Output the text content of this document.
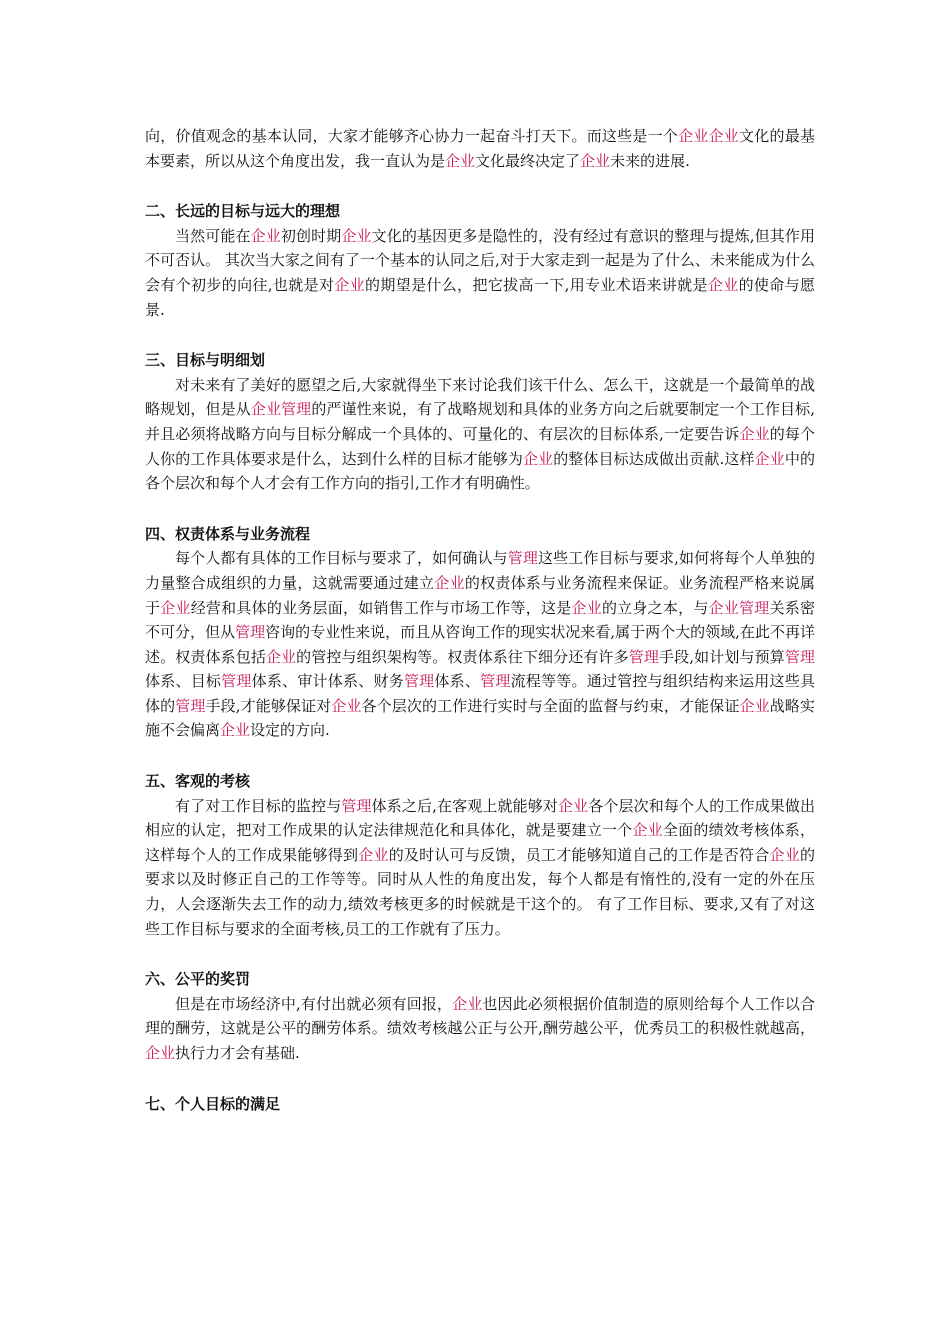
向，价值观念的基本认同，大家才能够齐心协力一起奋斗打天下。而这些是一个企业企业文化的最基本要素，所以从这个角度出发，我一直认为是企业文化最终决定了企业未来的进展.

二、长远的目标与远大的理想

当然可能在企业初创时期企业文化的基因更多是隐性的，没有经过有意识的整理与提炼,但其作用不可否认。 其次当大家之间有了一个基本的认同之后,对于大家走到一起是为了什么、未来能成为什么会有个初步的向往,也就是对企业的期望是什么，把它拔高一下,用专业术语来讲就是企业的使命与愿景.

三、目标与明细划

对未来有了美好的愿望之后,大家就得坐下来讨论我们该干什么、怎么干，这就是一个最简单的战略规划，但是从企业管理的严谨性来说，有了战略规划和具体的业务方向之后就要制定一个工作目标,并且必须将战略方向与目标分解成一个具体的、可量化的、有层次的目标体系,一定要告诉企业的每个人你的工作具体要求是什么，达到什么样的目标才能够为企业的整体目标达成做出贡献.这样企业中的各个层次和每个人才会有工作方向的指引,工作才有明确性。

四、权责体系与业务流程

每个人都有具体的工作目标与要求了，如何确认与管理这些工作目标与要求,如何将每个人单独的力量整合成组织的力量，这就需要通过建立企业的权责体系与业务流程来保证。业务流程严格来说属于企业经营和具体的业务层面，如销售工作与市场工作等，这是企业的立身之本，与企业管理关系密不可分，但从管理咨询的专业性来说，而且从咨询工作的现实状况来看,属于两个大的领域,在此不再详述。权责体系包括企业的管控与组织架构等。权责体系往下细分还有许多管理手段,如计划与预算管理体系、目标管理体系、审计体系、财务管理体系、管理流程等等。通过管控与组织结构来运用这些具体的管理手段,才能够保证对企业各个层次的工作进行实时与全面的监督与约束，才能保证企业战略实施不会偏离企业设定的方向.

五、客观的考核

有了对工作目标的监控与管理体系之后,在客观上就能够对企业各个层次和每个人的工作成果做出相应的认定，把对工作成果的认定法律规范化和具体化，就是要建立一个企业全面的绩效考核体系，这样每个人的工作成果能够得到企业的及时认可与反馈，员工才能够知道自己的工作是否符合企业的要求以及时修正自己的工作等等。同时从人性的角度出发，每个人都是有惰性的,没有一定的外在压力，人会逐渐失去工作的动力,绩效考核更多的时候就是干这个的。 有了工作目标、要求,又有了对这些工作目标与要求的全面考核,员工的工作就有了压力。

六、公平的奖罚

但是在市场经济中,有付出就必须有回报，企业也因此必须根据价值制造的原则给每个人工作以合理的酬劳，这就是公平的酬劳体系。绩效考核越公正与公开,酬劳越公平，优秀员工的积极性就越高，企业执行力才会有基础.

七、个人目标的满足
